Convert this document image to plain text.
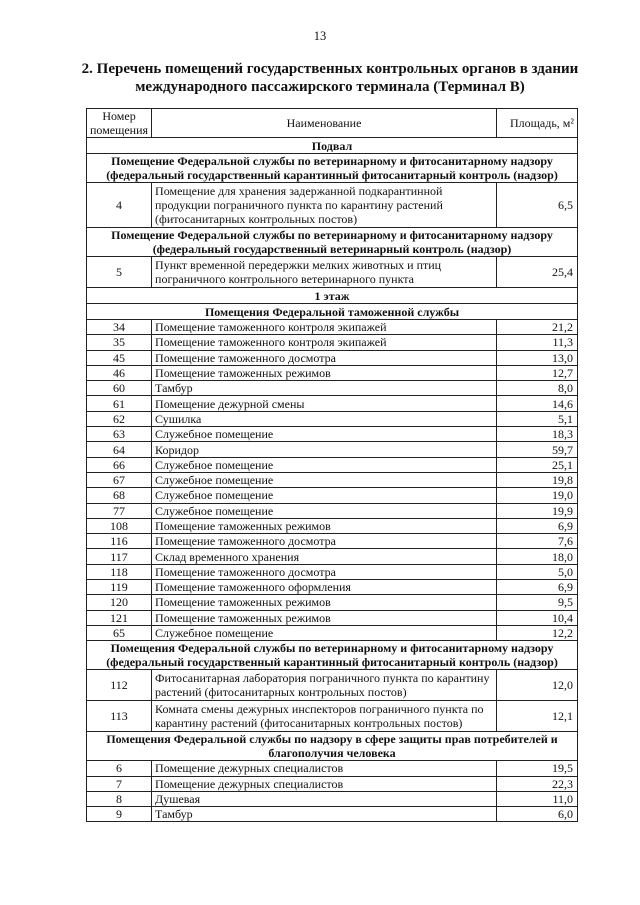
13
2. Перечень помещений государственных контрольных органов в здании международного пассажирского терминала (Терминал В)
Номер помещения	Наименование	Площадь, м²
Подвал		
Помещение Федеральной службы по ветеринарному и фитосанитарному надзору (федеральный государственный карантинный фитосанитарный контроль (надзор)		
4	Помещение для хранения задержанной подкарантинной продукции пограничного пункта по карантину растений (фитосанитарных контрольных постов)	6,5
Помещение Федеральной службы по ветеринарному и фитосанитарному надзору (федеральный государственный ветеринарный контроль (надзор)		
5	Пункт временной передержки мелких животных и птиц пограничного контрольного ветеринарного пункта	25,4
1 этаж		
Помещения Федеральной таможенной службы		
34	Помещение таможенного контроля экипажей	21,2
35	Помещение таможенного контроля экипажей	11,3
45	Помещение таможенного досмотра	13,0
46	Помещение таможенных режимов	12,7
60	Тамбур	8,0
61	Помещение дежурной смены	14,6
62	Сушилка	5,1
63	Служебное помещение	18,3
64	Коридор	59,7
66	Служебное помещение	25,1
67	Служебное помещение	19,8
68	Служебное помещение	19,0
77	Служебное помещение	19,9
108	Помещение таможенных режимов	6,9
116	Помещение таможенного досмотра	7,6
117	Склад временного хранения	18,0
118	Помещение таможенного досмотра	5,0
119	Помещение таможенного оформления	6,9
120	Помещение таможенных режимов	9,5
121	Помещение таможенных режимов	10,4
65	Служебное помещение	12,2
Помещения Федеральной службы по ветеринарному и фитосанитарному надзору (федеральный государственный карантинный фитосанитарный контроль (надзор)		
112	Фитосанитарная лаборатория пограничного пункта по карантину растений (фитосанитарных контрольных постов)	12,0
113	Комната смены дежурных инспекторов пограничного пункта по карантину растений (фитосанитарных контрольных постов)	12,1
Помещения Федеральной службы по надзору в сфере защиты прав потребителей и благополучия человека		
6	Помещение дежурных специалистов	19,5
7	Помещение дежурных специалистов	22,3
8	Душевая	11,0
9	Тамбур	6,0
